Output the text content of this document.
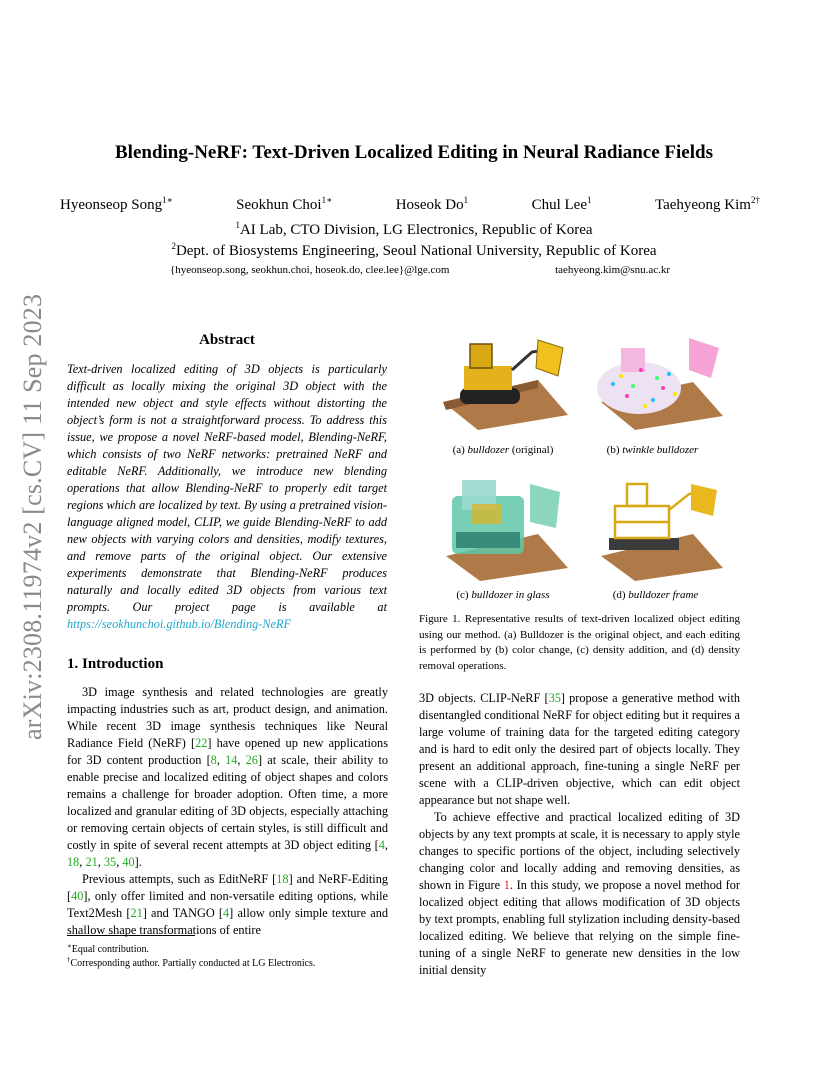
arXiv:2308.11974v2 [cs.CV] 11 Sep 2023
Blending-NeRF: Text-Driven Localized Editing in Neural Radiance Fields
Hyeonseop Song$^{1∗}$	Seokhun Choi$^{1∗}$	Hoseok Do$^1$	Chul Lee$^1$	Taehyeong Kim$^{2\dagger}$
$^1$AI Lab, CTO Division, LG Electronics, Republic of Korea
$^2$Dept. of Biosystems Engineering, Seoul National University, Republic of Korea
{hyeonseop.song, seokhun.choi, hoseok.do, clee.lee}@lge.com	taehyeong.kim@snu.ac.kr
Abstract
Text-driven localized editing of 3D objects is particularly difficult as locally mixing the original 3D object with the intended new object and style effects without distorting the object’s form is not a straightforward process. To address this issue, we propose a novel NeRF-based model, Blending-NeRF, which consists of two NeRF networks: pretrained NeRF and editable NeRF. Additionally, we introduce new blending operations that allow Blending-NeRF to properly edit target regions which are localized by text. By using a pretrained vision-language aligned model, CLIP, we guide Blending-NeRF to add new objects with varying colors and densities, modify textures, and remove parts of the original object. Our extensive experiments demonstrate that Blending-NeRF produces naturally and locally edited 3D objects from various text prompts. Our project page is available at https://seokhunchoi.github.io/Blending-NeRF
1. Introduction

3D image synthesis and related technologies are greatly impacting industries such as art, product design, and animation. While recent 3D image synthesis techniques like Neural Radiance Field (NeRF) [22] have opened up new applications for 3D content production [8, 14, 26] at scale, their ability to enable precise and localized editing of object shapes and colors remains a challenge for broader adoption. Often time, a more localized and granular editing of 3D objects, especially attaching or removing certain objects of certain styles, is still difficult and costly in spite of several recent attempts at 3D object editing [4, 18, 21, 35, 40].

Previous attempts, such as EditNeRF [18] and NeRF-Editing [40], only offer limited and non-versatile editing options, while Text2Mesh [21] and TANGO [4] allow only simple texture and shallow shape transformations of entire

∗Equal contribution.
†Corresponding author. Partially conducted at LG Electronics.
(a) bulldozer (original)	(b) twinkle bulldozer
(c) bulldozer in glass	(d) bulldozer frame
Figure 1. Representative results of text-driven localized object editing using our method. (a) Bulldozer is the original object, and each editing is performed by (b) color change, (c) density addition, and (d) density removal operations.

3D objects. CLIP-NeRF [35] propose a generative method with disentangled conditional NeRF for object editing but it requires a large volume of training data for the targeted editing category and is hard to edit only the desired part of objects locally. They present an additional approach, fine-tuning a single NeRF per scene with a CLIP-driven objective, which can edit object appearance but not shape well.

To achieve effective and practical localized editing of 3D objects by any text prompts at scale, it is necessary to apply style changes to specific portions of the object, including selectively changing color and locally adding and removing densities, as shown in Figure 1. In this study, we propose a novel method for localized object editing that allows modification of 3D objects by text prompts, enabling full stylization including density-based localized editing. We believe that relying on the simple fine-tuning of a single NeRF to generate new densities in the low initial density
